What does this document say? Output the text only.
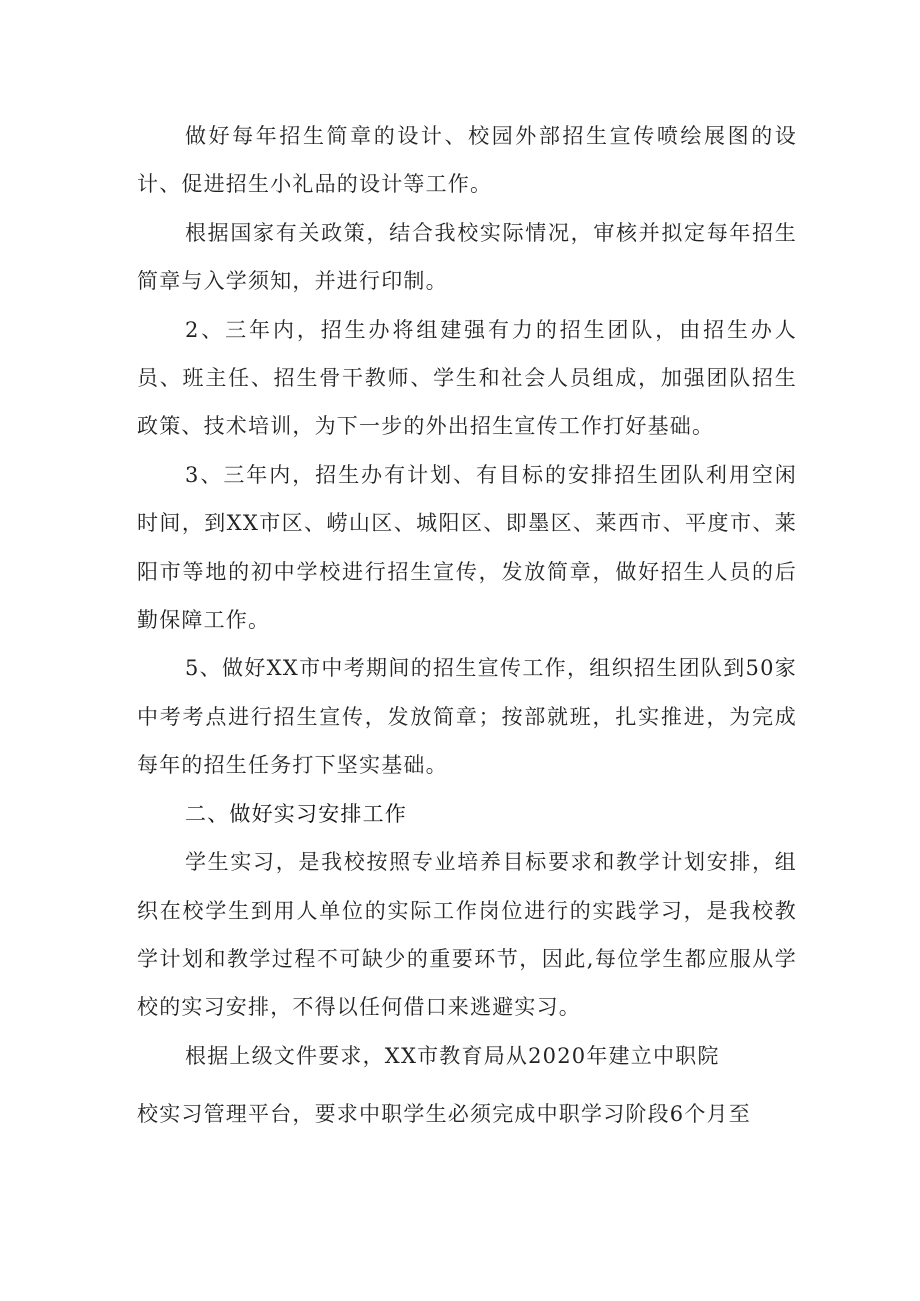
做好每年招生简章的设计、校园外部招生宣传喷绘展图的设计、促进招生小礼品的设计等工作。

根据国家有关政策，结合我校实际情况，审核并拟定每年招生简章与入学须知，并进行印制。

2、三年内，招生办将组建强有力的招生团队，由招生办人员、班主任、招生骨干教师、学生和社会人员组成，加强团队招生政策、技术培训，为下一步的外出招生宣传工作打好基础。

3、三年内，招生办有计划、有目标的安排招生团队利用空闲时间，到XX市区、崂山区、城阳区、即墨区、莱西市、平度市、莱阳市等地的初中学校进行招生宣传，发放简章，做好招生人员的后勤保障工作。

5、做好XX市中考期间的招生宣传工作，组织招生团队到50家中考考点进行招生宣传，发放简章；按部就班，扎实推进，为完成每年的招生任务打下坚实基础。

二、做好实习安排工作

学生实习，是我校按照专业培养目标要求和教学计划安排，组织在校学生到用人单位的实际工作岗位进行的实践学习，是我校教学计划和教学过程不可缺少的重要环节，因此,每位学生都应服从学校的实习安排，不得以任何借口来逃避实习。

根据上级文件要求，XX市教育局从2020年建立中职院
校实习管理平台，要求中职学生必须完成中职学习阶段6个月至
